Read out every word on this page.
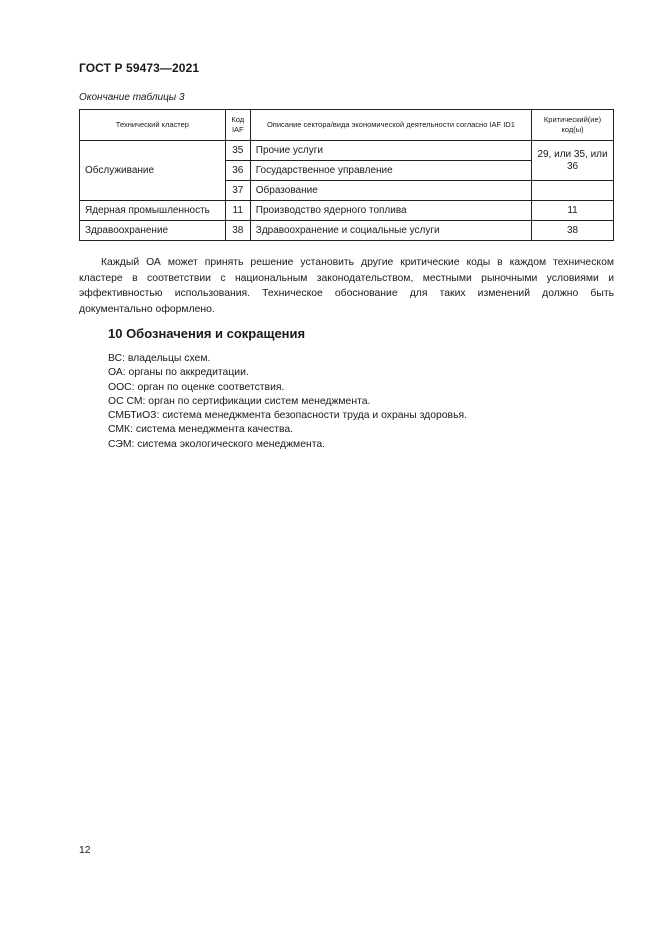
ГОСТ Р 59473—2021
Окончание таблицы 3
Технический кластер	Код IAF	Описание сектора/вида экономической деятельности согласно IAF ID1	Критический(ие) код(ы)
Обслуживание	35	Прочие услуги	29, или 35, или 36
	36	Государственное управление	
	37	Образование	
Ядерная промышленность	11	Производство ядерного топлива	11
Здравоохранение	38	Здравоохранение и социальные услуги	38
Каждый ОА может принять решение установить другие критические коды в каждом техническом кластере в соответствии с национальным законодательством, местными рыночными условиями и эффективностью использования. Техническое обоснование для таких изменений должно быть документально оформлено.
10 Обозначения и сокращения
ВС: владельцы схем.
ОА: органы по аккредитации.
ООС: орган по оценке соответствия.
ОС СМ: орган по сертификации систем менеджмента.
СМБТиОЗ: система менеджмента безопасности труда и охраны здоровья.
СМК: система менеджмента качества.
СЭМ: система экологического менеджмента.
12
